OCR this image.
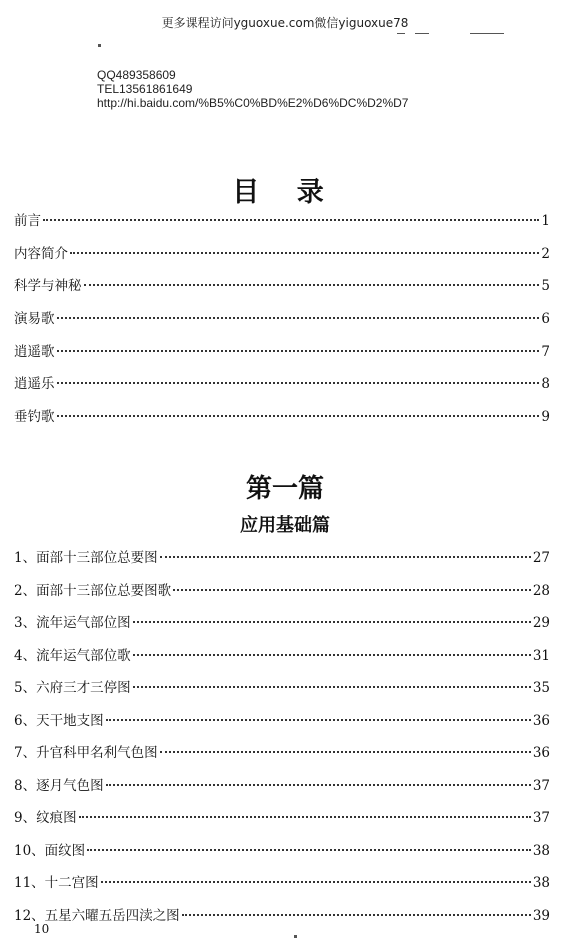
更多课程访问yguoxue.com微信yiguoxue78
QQ489358609
TEL13561861649
http://hi.baidu.com/%B5%C0%BD%E2%D6%DC%D2%D7
目 录
前言	1
内容简介	2
科学与神秘	5
演易歌	6
逍遥歌	7
逍遥乐	8
垂钓歌	9
第一篇
应用基础篇
1、面部十三部位总要图	27
2、面部十三部位总要图歌	28
3、流年运气部位图	29
4、流年运气部位歌	31
5、六府三才三停图	35
6、天干地支图	36
7、升官科甲名利气色图	36
8、逐月气色图	37
9、纹痕图	37
10、面纹图	38
11、十二宫图	38
12、五星六曜五岳四渎之图	39
10
